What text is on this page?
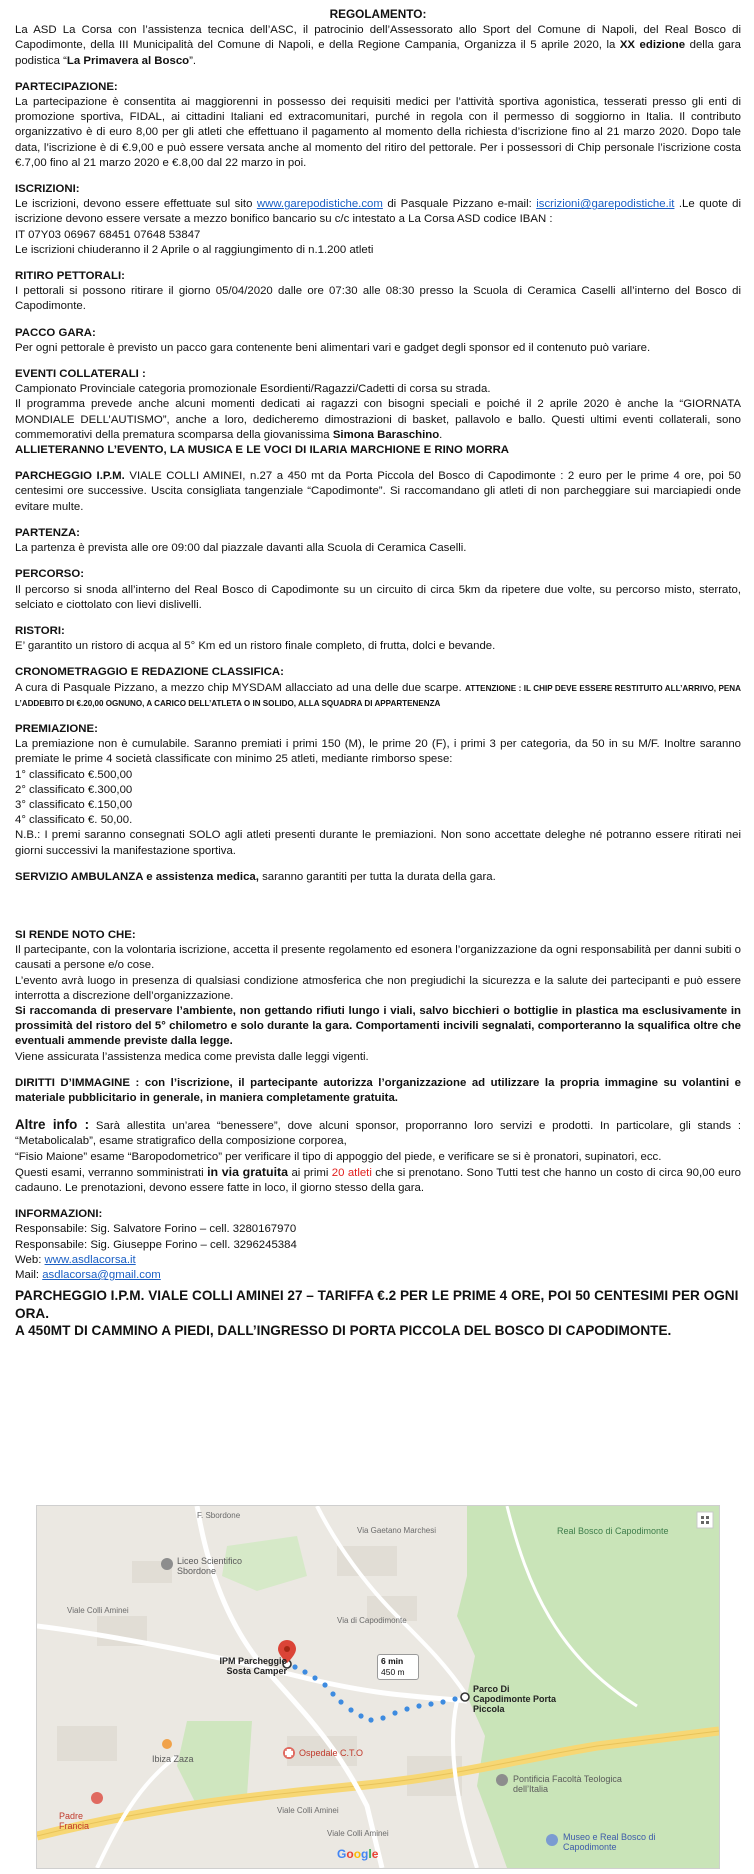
REGOLAMENTO:

La ASD La Corsa con l’assistenza tecnica dell’ASC, il patrocinio dell’Assessorato allo Sport del Comune di Napoli, del Real Bosco di Capodimonte, della III Municipalità del Comune di Napoli, e della Regione Campania, Organizza il 5 aprile 2020, la XX edizione della gara podistica “La Primavera al Bosco”.

PARTECIPAZIONE:

La partecipazione è consentita ai maggiorenni in possesso dei requisiti medici per l’attività sportiva agonistica, tesserati presso gli enti di promozione sportiva, FIDAL, ai cittadini Italiani ed extracomunitari, purché in regola con il permesso di soggiorno in Italia. Il contributo organizzativo è di euro 8,00 per gli atleti che effettuano il pagamento al momento della richiesta d’iscrizione fino al 21 marzo 2020. Dopo tale data, l’iscrizione è di €.9,00 e può essere versata anche al momento del ritiro del pettorale. Per i possessori di Chip personale l’iscrizione costa €.7,00 fino al 21 marzo 2020 e €.8,00 dal 22 marzo in poi.

ISCRIZIONI:

Le iscrizioni, devono essere effettuate sul sito www.garepodistiche.com di Pasquale Pizzano e-mail: iscrizioni@garepodistiche.it .Le quote di iscrizione devono essere versate a mezzo bonifico bancario su c/c intestato a La Corsa ASD codice IBAN :

IT 07Y03 06967 68451 07648 53847

Le iscrizioni chiuderanno il 2 Aprile o al raggiungimento di n.1.200 atleti

RITIRO PETTORALI:

I pettorali si possono ritirare il giorno 05/04/2020 dalle ore 07:30 alle 08:30 presso la Scuola di Ceramica Caselli all’interno del Bosco di Capodimonte.

PACCO GARA:

Per ogni pettorale è previsto un pacco gara contenente beni alimentari vari e gadget degli sponsor ed il contenuto può variare.

EVENTI COLLATERALI :

Campionato Provinciale categoria promozionale Esordienti/Ragazzi/Cadetti di corsa su strada.

Il programma prevede anche alcuni momenti dedicati ai ragazzi con bisogni speciali e poiché il 2 aprile 2020 è anche la “GIORNATA MONDIALE DELL’AUTISMO”, anche a loro, dedicheremo dimostrazioni di basket, pallavolo e ballo. Questi ultimi eventi collaterali, sono commemorativi della prematura scomparsa della giovanissima Simona Baraschino.

ALLIETERANNO L’EVENTO, LA MUSICA E LE VOCI DI ILARIA MARCHIONE E RINO MORRA

PARCHEGGIO I.P.M. VIALE COLLI AMINEI, n.27 a 450 mt da Porta Piccola del Bosco di Capodimonte : 2 euro per le prime 4 ore, poi 50 centesimi ore successive. Uscita consigliata tangenziale “Capodimonte”. Si raccomandano gli atleti di non parcheggiare sui marciapiedi onde evitare multe.

PARTENZA:

La partenza è prevista alle ore 09:00 dal piazzale davanti alla Scuola di Ceramica Caselli.

PERCORSO:

Il percorso si snoda all’interno del Real Bosco di Capodimonte su un circuito di circa 5km da ripetere due volte, su percorso misto, sterrato, selciato e ciottolato con lievi dislivelli.

RISTORI:

E’ garantito un ristoro di acqua al 5° Km ed un ristoro finale completo, di frutta, dolci e bevande.

CRONOMETRAGGIO E REDAZIONE CLASSIFICA:

A cura di Pasquale Pizzano, a mezzo chip MYSDAM allacciato ad una delle due scarpe. ATTENZIONE : IL CHIP DEVE ESSERE RESTITUITO ALL’ARRIVO, PENA L’ADDEBITO DI €.20,00 OGNUNO, A CARICO DELL’ATLETA O IN SOLIDO, ALLA SQUADRA DI APPARTENENZA

PREMIAZIONE:

La premiazione non è cumulabile. Saranno premiati i primi 150 (M), le prime 20 (F), i primi 3 per categoria, da 50 in su M/F. Inoltre saranno premiate le prime 4 società classificate con minimo 25 atleti, mediante rimborso spese:

1° classificato €.500,00

2° classificato €.300,00

3° classificato €.150,00

4° classificato €. 50,00.

N.B.: I premi saranno consegnati SOLO agli atleti presenti durante le premiazioni. Non sono accettate deleghe né potranno essere ritirati nei giorni successivi la manifestazione sportiva.

SERVIZIO AMBULANZA e assistenza medica, saranno garantiti per tutta la durata della gara.

SI RENDE NOTO CHE:

Il partecipante, con la volontaria iscrizione, accetta il presente regolamento ed esonera l’organizzazione da ogni responsabilità per danni subiti o causati a persone e/o cose.

L’evento avrà luogo in presenza di qualsiasi condizione atmosferica che non pregiudichi la sicurezza e la salute dei partecipanti e può essere interrotta a discrezione dell’organizzazione.

Si raccomanda di preservare l’ambiente, non gettando rifiuti lungo i viali, salvo bicchieri o bottiglie in plastica ma esclusivamente in prossimità del ristoro del 5° chilometro e solo durante la gara. Comportamenti incivili segnalati, comporteranno la squalifica oltre che eventuali ammende previste dalla legge.

Viene assicurata l’assistenza medica come prevista dalle leggi vigenti.

DIRITTI D’IMMAGINE : con l’iscrizione, il partecipante autorizza l’organizzazione ad utilizzare la propria immagine su volantini e materiale pubblicitario in generale, in maniera completamente gratuita.

Altre info : Sarà allestita un’area “benessere”, dove alcuni sponsor, proporranno loro servizi e prodotti. In particolare, gli stands : “Metabolicalab”, esame stratigrafico della composizione corporea,

“Fisio Maione” esame “Baropodometrico” per verificare il tipo di appoggio del piede, e verificare se si è pronatori, supinatori, ecc.

Questi esami, verranno somministrati in via gratuita ai primi 20 atleti che si prenotano. Sono Tutti test che hanno un costo di circa 90,00 euro cadauno. Le prenotazioni, devono essere fatte in loco, il giorno stesso della gara.

INFORMAZIONI:

Responsabile: Sig. Salvatore Forino – cell. 3280167970

Responsabile: Sig. Giuseppe Forino – cell. 3296245384

Web: www.asdlacorsa.it

Mail: asdlacorsa@gmail.com

PARCHEGGIO I.P.M. VIALE COLLI AMINEI 27 – TARIFFA €.2 PER LE PRIME 4 ORE, POI 50 CENTESIMI PER OGNI ORA.

A 450MT DI CAMMINO A PIEDI, DALL’INGRESSO DI PORTA PICCOLA DEL BOSCO DI CAPODIMONTE.

Real Bosco di Capodimonte
Liceo Scientifico Sbordone
Viale Colli Aminei
F. Sbordone
Via Gaetano Marchesi
Via di Capodimonte
Viale Colli Aminei
Viale Colli Aminei
IPM Parcheggio Sosta Camper
Parco Di Capodimonte Porta Piccola
Ospedale C.T.O
Ibiza Zaza
Padre Francia
Pontificia Facoltà Teologica dell’Italia
Museo e Real Bosco di Capodimonte
6 min
450 m
Google
